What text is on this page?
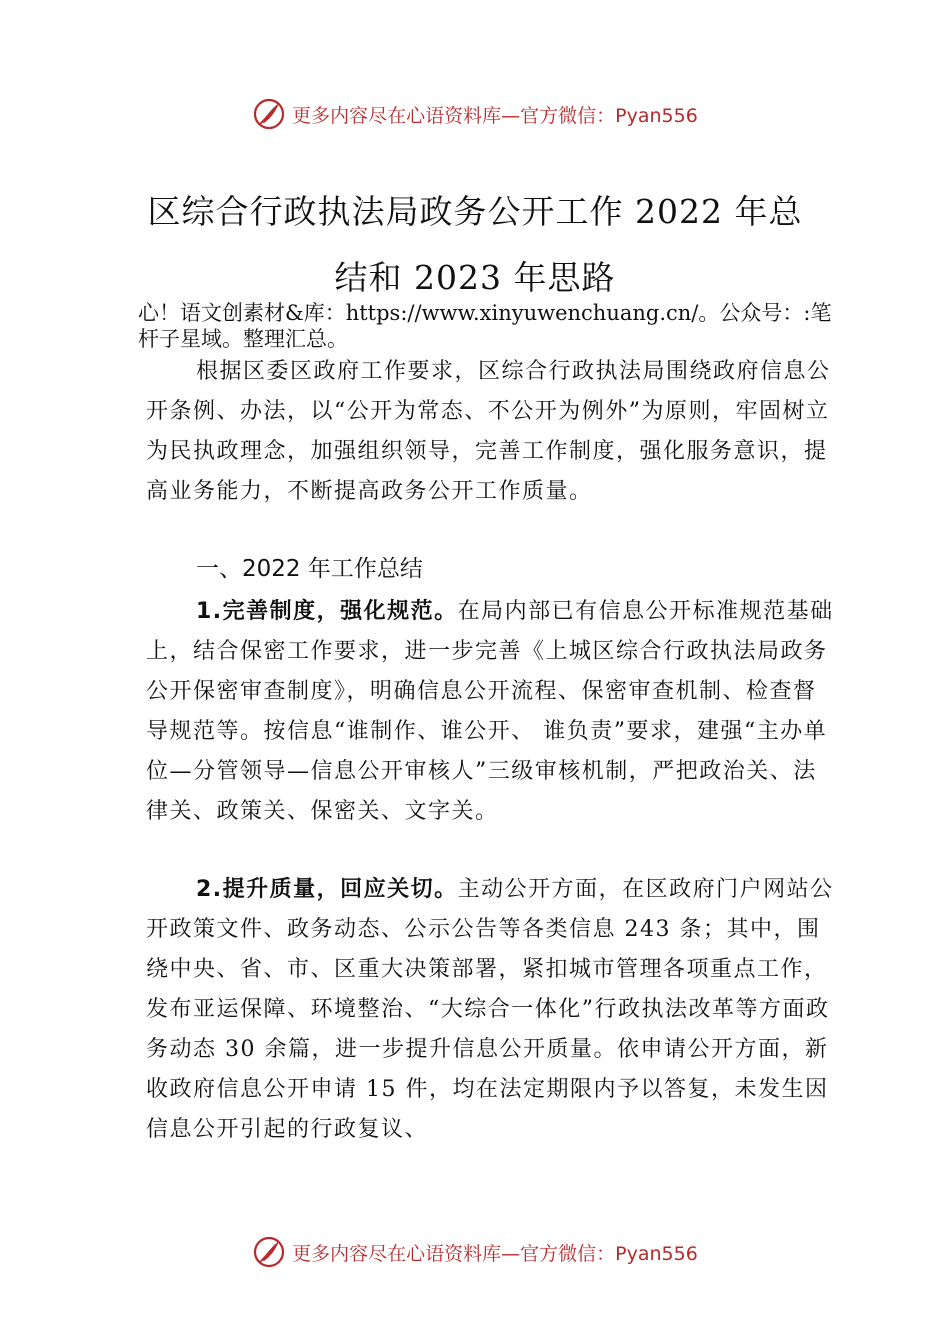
更多内容尽在心语资料库 —官方微信：Pyan556
区综合行政执法局政务公开工作 2022 年总
结和 2023 年思路
心！语文创素材&库：https://www.xinyuwenchuang.cn/。公众号：:笔杆子星域。整理汇总。
根据区委区政府工作要求，区综合行政执法局围绕政府信息公开条例、办法，以“公开为常态、不公开为例外”为原则，牢固树立为民执政理念，加强组织领导，完善工作制度，强化服务意识，提高业务能力，不断提高政务公开工作质量。
一、2022 年工作总结
1.完善制度，强化规范。在局内部已有信息公开标准规范基础上，结合保密工作要求，进一步完善《上城区综合行政执法局政务公开保密审查制度》，明确信息公开流程、保密审查机制、检查督导规范等。按信息“谁制作、谁公开、 谁负责”要求，建强“主办单位—分管领导—信息公开审核人”三级审核机制，严把政治关、法律关、政策关、保密关、文字关。
2.提升质量，回应关切。主动公开方面，在区政府门户网站公开政策文件、政务动态、公示公告等各类信息 243 条；其中，围绕中央、省、市、区重大决策部署，紧扣城市管理各项重点工作，发布亚运保障、环境整治、“大综合一体化”行政执法改革等方面政务动态 30 余篇，进一步提升信息公开质量。依申请公开方面，新收政府信息公开申请 15 件，均在法定期限内予以答复，未发生因信息公开引起的行政复议、
更多内容尽在心语资料库 —官方微信：Pyan556
